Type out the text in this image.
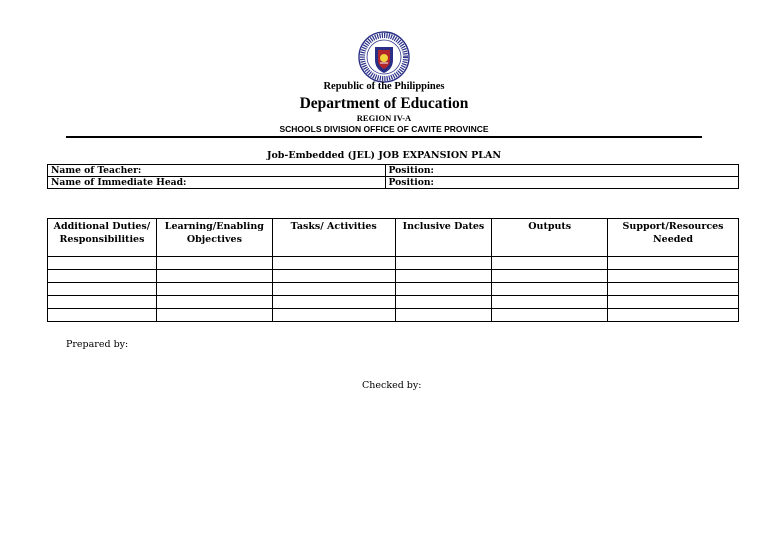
Republic of the Philippines
Department of Education
REGION IV-A
SCHOOLS DIVISION OFFICE OF CAVITE PROVINCE
Job-Embedded (JEL) JOB EXPANSION PLAN
Name of Teacher:	Position:
Name of Immediate Head:	Position:
Additional Duties/ Responsibilities	Learning/Enabling Objectives	Tasks/ Activities	Inclusive Dates	Outputs	Support/Resources Needed

Prepared by:
Checked by:
